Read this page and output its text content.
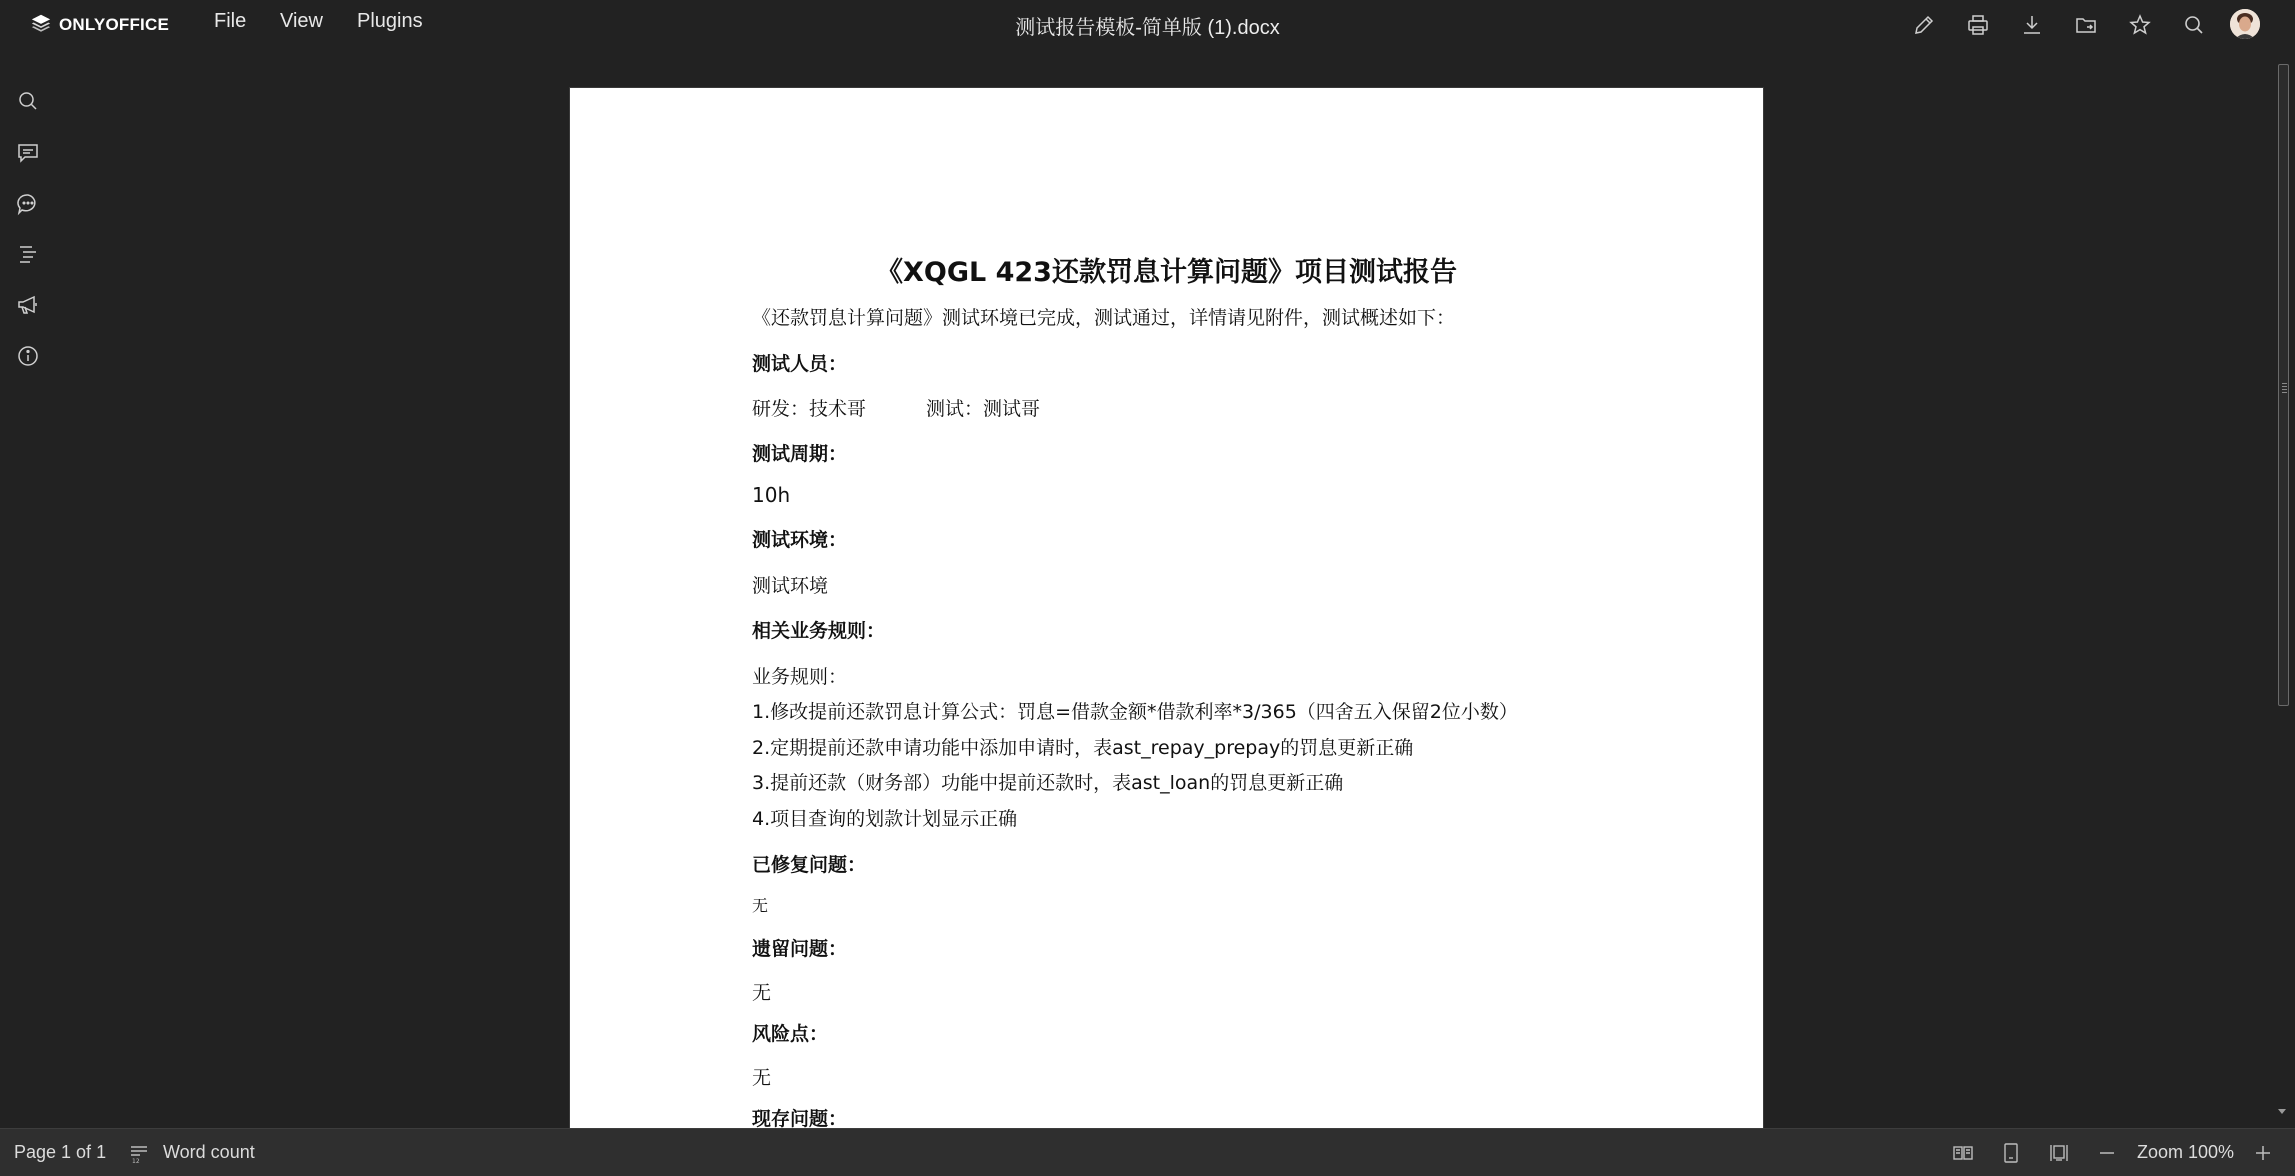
ONLYOFFICE File View Plugins	测试报告模板-简单版 (1).docx
《XQGL 423还款罚息计算问题》项目测试报告
《还款罚息计算问题》测试环境已完成，测试通过，详情请见附件，测试概述如下：
测试人员：
研发：技术哥	测试：测试哥
测试周期：
10h
测试环境：
测试环境
相关业务规则：
业务规则：
1.修改提前还款罚息计算公式：罚息=借款金额*借款利率*3/365（四舍五入保留2位小数）
2.定期提前还款申请功能中添加申请时，表ast_repay_prepay的罚息更新正确
3.提前还款（财务部）功能中提前还款时，表ast_loan的罚息更新正确
4.项目查询的划款计划显示正确
已修复问题：
无
遗留问题：
无
风险点：
无
现存问题：
Page 1 of 1	12 Word count	Zoom 100%
